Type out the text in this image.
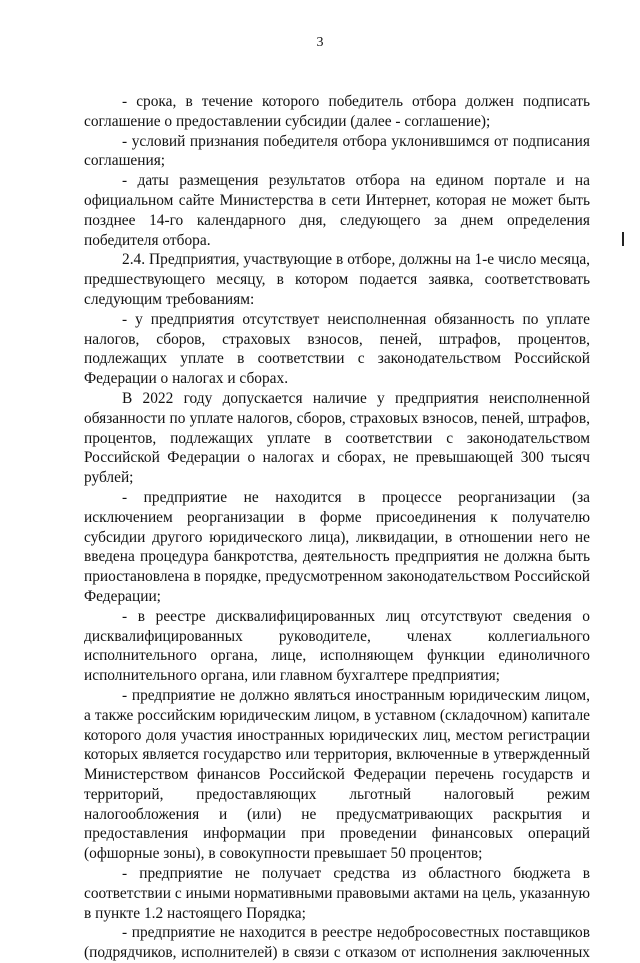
3

- срока, в течение которого победитель отбора должен подписать соглашение о предоставлении субсидии (далее - соглашение);

- условий признания победителя отбора уклонившимся от подписания соглашения;

- даты размещения результатов отбора на едином портале и на официальном сайте Министерства в сети Интернет, которая не может быть позднее 14-го календарного дня, следующего за днем определения победителя отбора.

2.4. Предприятия, участвующие в отборе, должны на 1-е число месяца, предшествующего месяцу, в котором подается заявка, соответствовать следующим требованиям:

- у предприятия отсутствует неисполненная обязанность по уплате налогов, сборов, страховых взносов, пеней, штрафов, процентов, подлежащих уплате в соответствии с законодательством Российской Федерации о налогах и сборах.

В 2022 году допускается наличие у предприятия неисполненной обязанности по уплате налогов, сборов, страховых взносов, пеней, штрафов, процентов, подлежащих уплате в соответствии с законодательством Российской Федерации о налогах и сборах, не превышающей 300 тысяч рублей;

- предприятие не находится в процессе реорганизации (за исключением реорганизации в форме присоединения к получателю субсидии другого юридического лица), ликвидации, в отношении него не введена процедура банкротства, деятельность предприятия не должна быть приостановлена в порядке, предусмотренном законодательством Российской Федерации;

- в реестре дисквалифицированных лиц отсутствуют сведения о дисквалифицированных руководителе, членах коллегиального исполнительного органа, лице, исполняющем функции единоличного исполнительного органа, или главном бухгалтере предприятия;

- предприятие не должно являться иностранным юридическим лицом, а также российским юридическим лицом, в уставном (складочном) капитале которого доля участия иностранных юридических лиц, местом регистрации которых является государство или территория, включенные в утвержденный Министерством финансов Российской Федерации перечень государств и территорий, предоставляющих льготный налоговый режим налогообложения и (или) не предусматривающих раскрытия и предоставления информации при проведении финансовых операций (офшорные зоны), в совокупности превышает 50 процентов;

- предприятие не получает средства из областного бюджета в соответствии с иными нормативными правовыми актами на цель, указанную в пункте 1.2 настоящего Порядка;

- предприятие не находится в реестре недобросовестных поставщиков (подрядчиков, исполнителей) в связи с отказом от исполнения заключенных
